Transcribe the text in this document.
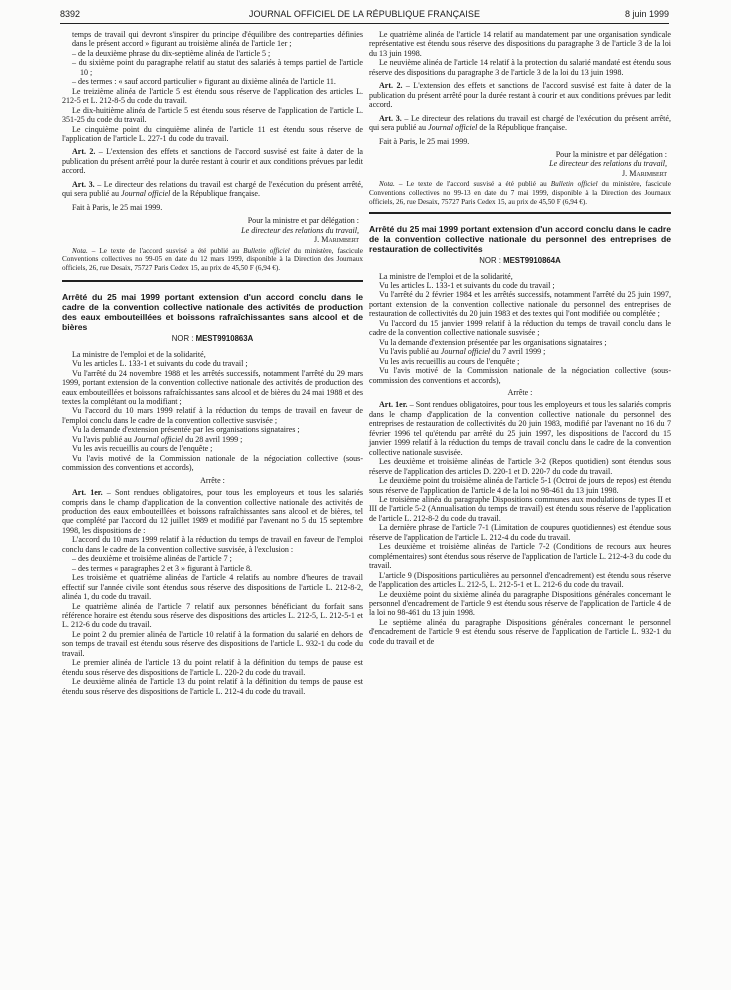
8392	JOURNAL OFFICIEL DE LA RÉPUBLIQUE FRANÇAISE	8 juin 1999

temps de travail qui devront s'inspirer du principe d'équilibre des contreparties définies dans le présent accord » figurant au troisième alinéa de l'article 1er ;

– de la deuxième phrase du dix-septième alinéa de l'article 5 ;

– du sixième point du paragraphe relatif au statut des salariés à temps partiel de l'article 10 ;

– des termes : « sauf accord particulier » figurant au dixième alinéa de l'article 11.

Le treizième alinéa de l'article 5 est étendu sous réserve de l'application des articles L. 212-5 et L. 212-8-5 du code du travail.

Le dix-huitième alinéa de l'article 5 est étendu sous réserve de l'application de l'article L. 351-25 du code du travail.

Le cinquième point du cinquième alinéa de l'article 11 est étendu sous réserve de l'application de l'article L. 227-1 du code du travail.

Art. 2. – L'extension des effets et sanctions de l'accord susvisé est faite à dater de la publication du présent arrêté pour la durée restant à courir et aux conditions prévues par ledit accord.

Art. 3. – Le directeur des relations du travail est chargé de l'exécution du présent arrêté, qui sera publié au Journal officiel de la République française.

Fait à Paris, le 25 mai 1999.

Pour la ministre et par délégation :

Le directeur des relations du travail,

J. Marimbert

Nota. – Le texte de l'accord susvisé a été publié au Bulletin officiel du ministère, fascicule Conventions collectives no 99-05 en date du 12 mars 1999, disponible à la Direction des Journaux officiels, 26, rue Desaix, 75727 Paris Cedex 15, au prix de 45,50 F (6,94 €).

Arrêté du 25 mai 1999 portant extension d'un accord conclu dans le cadre de la convention collective nationale des activités de production des eaux embouteillées et boissons rafraîchissantes sans alcool et de bières

NOR : MEST9910863A

La ministre de l'emploi et de la solidarité,

Vu les articles L. 133-1 et suivants du code du travail ;

Vu l'arrêté du 24 novembre 1988 et les arrêtés successifs, notamment l'arrêté du 29 mars 1999, portant extension de la convention collective nationale des activités de production des eaux embouteillées et boissons rafraîchissantes sans alcool et de bières du 24 mai 1988 et des textes la complétant ou la modifiant ;

Vu l'accord du 10 mars 1999 relatif à la réduction du temps de travail en faveur de l'emploi conclu dans le cadre de la convention collective susvisée ;

Vu la demande d'extension présentée par les organisations signataires ;

Vu l'avis publié au Journal officiel du 28 avril 1999 ;

Vu les avis recueillis au cours de l'enquête ;

Vu l'avis motivé de la Commission nationale de la négociation collective (sous-commission des conventions et accords),

Arrête :

Art. 1er. – Sont rendues obligatoires, pour tous les employeurs et tous les salariés compris dans le champ d'application de la convention collective nationale des activités de production des eaux embouteillées et boissons rafraîchissantes sans alcool et de bières, tel que complété par l'accord du 12 juillet 1989 et modifié par l'avenant no 5 du 15 septembre 1998, les dispositions de :

L'accord du 10 mars 1999 relatif à la réduction du temps de travail en faveur de l'emploi conclu dans le cadre de la convention collective susvisée, à l'exclusion :

– des deuxième et troisième alinéas de l'article 7 ;

– des termes « paragraphes 2 et 3 » figurant à l'article 8.

Les troisième et quatrième alinéas de l'article 4 relatifs au nombre d'heures de travail effectif sur l'année civile sont étendus sous réserve des dispositions de l'article L. 212-8-2, alinéa 1, du code du travail.

Le quatrième alinéa de l'article 7 relatif aux personnes bénéficiant du forfait sans référence horaire est étendu sous réserve des dispositions des articles L. 212-5, L. 212-5-1 et L. 212-6 du code du travail.

Le point 2 du premier alinéa de l'article 10 relatif à la formation du salarié en dehors de son temps de travail est étendu sous réserve des dispositions de l'article L. 932-1 du code du travail.

Le premier alinéa de l'article 13 du point relatif à la définition du temps de pause est étendu sous réserve des dispositions de l'article L. 220-2 du code du travail.

Le deuxième alinéa de l'article 13 du point relatif à la définition du temps de pause est étendu sous réserve des dispositions de l'article L. 212-4 du code du travail.

Le quatrième alinéa de l'article 14 relatif au mandatement par une organisation syndicale représentative est étendu sous réserve des dispositions du paragraphe 3 de l'article 3 de la loi du 13 juin 1998.

Le neuvième alinéa de l'article 14 relatif à la protection du salarié mandaté est étendu sous réserve des dispositions du paragraphe 3 de l'article 3 de la loi du 13 juin 1998.

Art. 2. – L'extension des effets et sanctions de l'accord susvisé est faite à dater de la publication du présent arrêté pour la durée restant à courir et aux conditions prévues par ledit accord.

Art. 3. – Le directeur des relations du travail est chargé de l'exécution du présent arrêté, qui sera publié au Journal officiel de la République française.

Fait à Paris, le 25 mai 1999.

Pour la ministre et par délégation :

Le directeur des relations du travail,

J. Marimbert

Nota. – Le texte de l'accord susvisé a été publié au Bulletin officiel du ministère, fascicule Conventions collectives no 99-13 en date du 7 mai 1999, disponible à la Direction des Journaux officiels, 26, rue Desaix, 75727 Paris Cedex 15, au prix de 45,50 F (6,94 €).

Arrêté du 25 mai 1999 portant extension d'un accord conclu dans le cadre de la convention collective nationale du personnel des entreprises de restauration de collectivités

NOR : MEST9910864A

La ministre de l'emploi et de la solidarité,

Vu les articles L. 133-1 et suivants du code du travail ;

Vu l'arrêté du 2 février 1984 et les arrêtés successifs, notamment l'arrêté du 25 juin 1997, portant extension de la convention collective nationale du personnel des entreprises de restauration de collectivités du 20 juin 1983 et des textes qui l'ont modifiée ou complétée ;

Vu l'accord du 15 janvier 1999 relatif à la réduction du temps de travail conclu dans le cadre de la convention collective nationale susvisée ;

Vu la demande d'extension présentée par les organisations signataires ;

Vu l'avis publié au Journal officiel du 7 avril 1999 ;

Vu les avis recueillis au cours de l'enquête ;

Vu l'avis motivé de la Commission nationale de la négociation collective (sous-commission des conventions et accords),

Arrête :

Art. 1er. – Sont rendues obligatoires, pour tous les employeurs et tous les salariés compris dans le champ d'application de la convention collective nationale du personnel des entreprises de restauration de collectivités du 20 juin 1983, modifié par l'avenant no 16 du 7 février 1996 tel qu'étendu par arrêté du 25 juin 1997, les dispositions de l'accord du 15 janvier 1999 relatif à la réduction du temps de travail conclu dans le cadre de la convention collective nationale susvisée.

Les deuxième et troisième alinéas de l'article 3-2 (Repos quotidien) sont étendus sous réserve de l'application des articles D. 220-1 et D. 220-7 du code du travail.

Le deuxième point du troisième alinéa de l'article 5-1 (Octroi de jours de repos) est étendu sous réserve de l'application de l'article 4 de la loi no 98-461 du 13 juin 1998.

Le troisième alinéa du paragraphe Dispositions communes aux modulations de types II et III de l'article 5-2 (Annualisation du temps de travail) est étendu sous réserve de l'application de l'article L. 212-8-2 du code du travail.

La dernière phrase de l'article 7-1 (Limitation de coupures quotidiennes) est étendue sous réserve de l'application de l'article L. 212-4 du code du travail.

Les deuxième et troisième alinéas de l'article 7-2 (Conditions de recours aux heures complémentaires) sont étendus sous réserve de l'application de l'article L. 212-4-3 du code du travail.

L'article 9 (Dispositions particulières au personnel d'encadrement) est étendu sous réserve de l'application des articles L. 212-5, L. 212-5-1 et L. 212-6 du code du travail.

Le deuxième point du sixième alinéa du paragraphe Dispositions générales concernant le personnel d'encadrement de l'article 9 est étendu sous réserve de l'application de l'article 4 de la loi no 98-461 du 13 juin 1998.

Le septième alinéa du paragraphe Dispositions générales concernant le personnel d'encadrement de l'article 9 est étendu sous réserve de l'application de l'article L. 932-1 du code du travail et de
